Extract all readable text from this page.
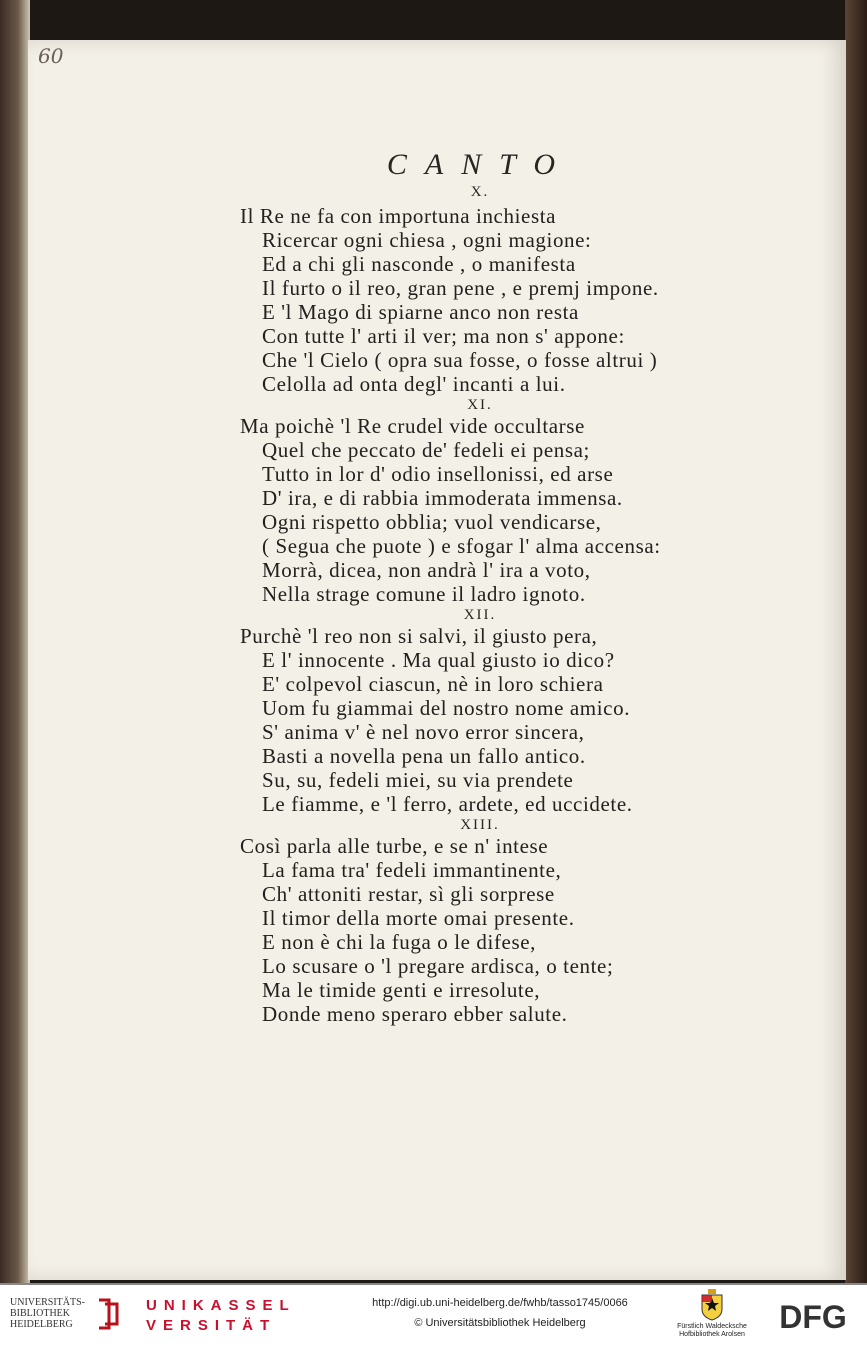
60
CANTO
X.
Il Re ne fa con importuna inchiesta
Ricercar ogni chiesa , ogni magione:
Ed a chi gli nasconde , o manifesta
Il furto o il reo, gran pene , e premj impone.
E 'l Mago di spiarne anco non resta
Con tutte l' arti il ver; ma non s' appone:
Che 'l Cielo ( opra sua fosse, o fosse altrui )
Celolla ad onta degl' incanti a lui.
XI.
Ma poichè 'l Re crudel vide occultarse
Quel che peccato de' fedeli ei pensa;
Tutto in lor d' odio insellonissi, ed arse
D' ira, e di rabbia immoderata immensa.
Ogni rispetto obblia; vuol vendicarse,
( Segua che puote ) e sfogar l' alma accensa:
Morrà, dicea, non andrà l' ira a voto,
Nella strage comune il ladro ignoto.
XII.
Purchè 'l reo non si salvi, il giusto pera,
E l' innocente . Ma qual giusto io dico?
E' colpevol ciascun, nè in loro schiera
Uom fu giammai del nostro nome amico.
S' anima v' è nel novo error sincera,
Basti a novella pena un fallo antico.
Su, su, fedeli miei, su via prendete
Le fiamme, e 'l ferro, ardete, ed uccidete.
XIII.
Così parla alle turbe, e se n' intese
La fama tra' fedeli immantinente,
Ch' attoniti restar, sì gli sorprese
Il timor della morte omai presente.
E non è chi la fuga o le difese,
Lo scusare o 'l pregare ardisca, o tente;
Ma le timide genti e irresolute,
Donde meno speraro ebber salute.
UNIVERSITÄTS-
BIBLIOTHEK
HEIDELBERG
UNIKASSEL
VERSITÄT
http://digi.ub.uni-heidelberg.de/fwhb/tasso1745/0066
© Universitätsbibliothek Heidelberg	Fürstlich Waldecksche
Hofbibliothek Arolsen	DFG
